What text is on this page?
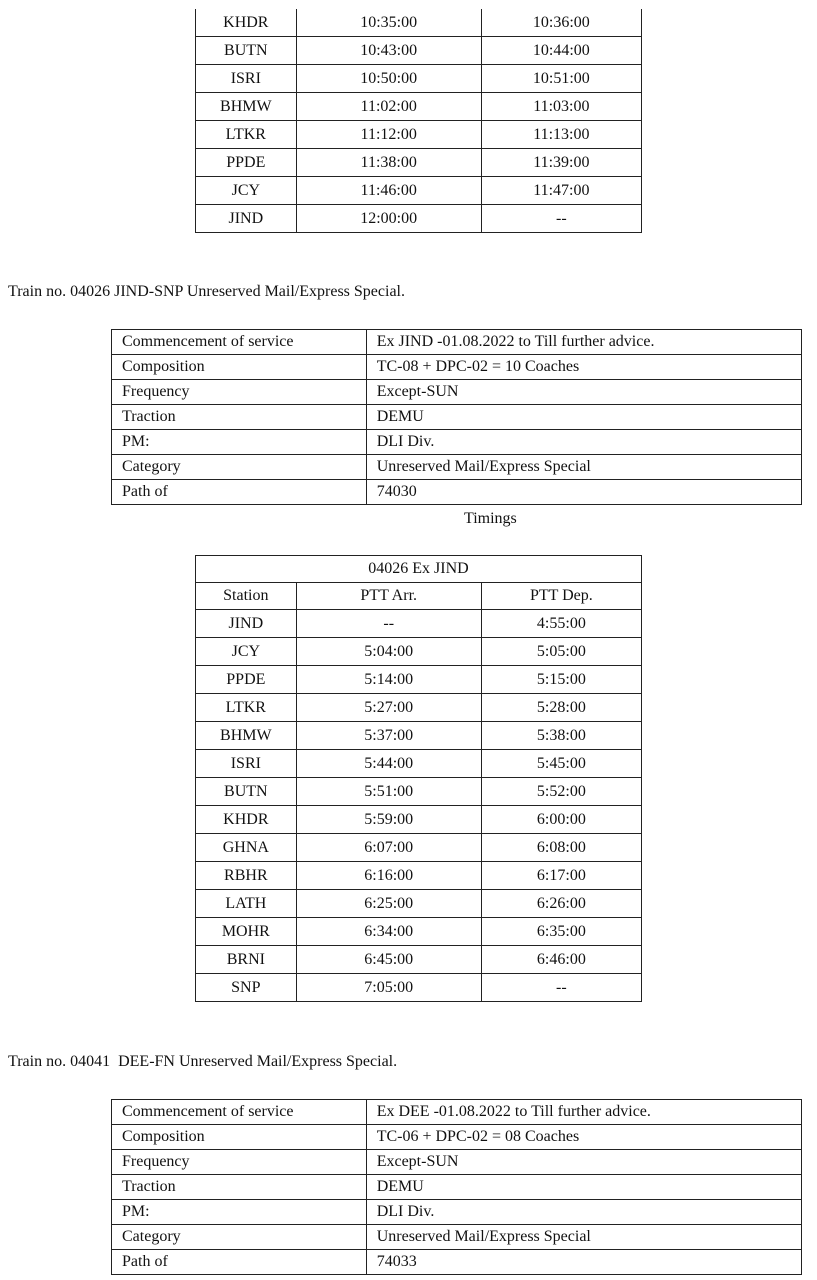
KHDR	10:35:00	10:36:00
BUTN	10:43:00	10:44:00
ISRI	10:50:00	10:51:00
BHMW	11:02:00	11:03:00
LTKR	11:12:00	11:13:00
PPDE	11:38:00	11:39:00
JCY	11:46:00	11:47:00
JIND	12:00:00	--
Train no. 04026 JIND-SNP Unreserved Mail/Express Special.
Commencement of service	Ex JIND -01.08.2022 to Till further advice.
Composition	TC-08 + DPC-02 = 10 Coaches
Frequency	Except-SUN
Traction	DEMU
PM:	DLI Div.
Category	Unreserved Mail/Express Special
Path of	74030
Timings
04026 Ex JIND		
Station	PTT Arr.	PTT Dep.
JIND	--	4:55:00
JCY	5:04:00	5:05:00
PPDE	5:14:00	5:15:00
LTKR	5:27:00	5:28:00
BHMW	5:37:00	5:38:00
ISRI	5:44:00	5:45:00
BUTN	5:51:00	5:52:00
KHDR	5:59:00	6:00:00
GHNA	6:07:00	6:08:00
RBHR	6:16:00	6:17:00
LATH	6:25:00	6:26:00
MOHR	6:34:00	6:35:00
BRNI	6:45:00	6:46:00
SNP	7:05:00	--
Train no. 04041  DEE-FN Unreserved Mail/Express Special.
Commencement of service	Ex DEE -01.08.2022 to Till further advice.
Composition	TC-06 + DPC-02 = 08 Coaches
Frequency	Except-SUN
Traction	DEMU
PM:	DLI Div.
Category	Unreserved Mail/Express Special
Path of	74033
